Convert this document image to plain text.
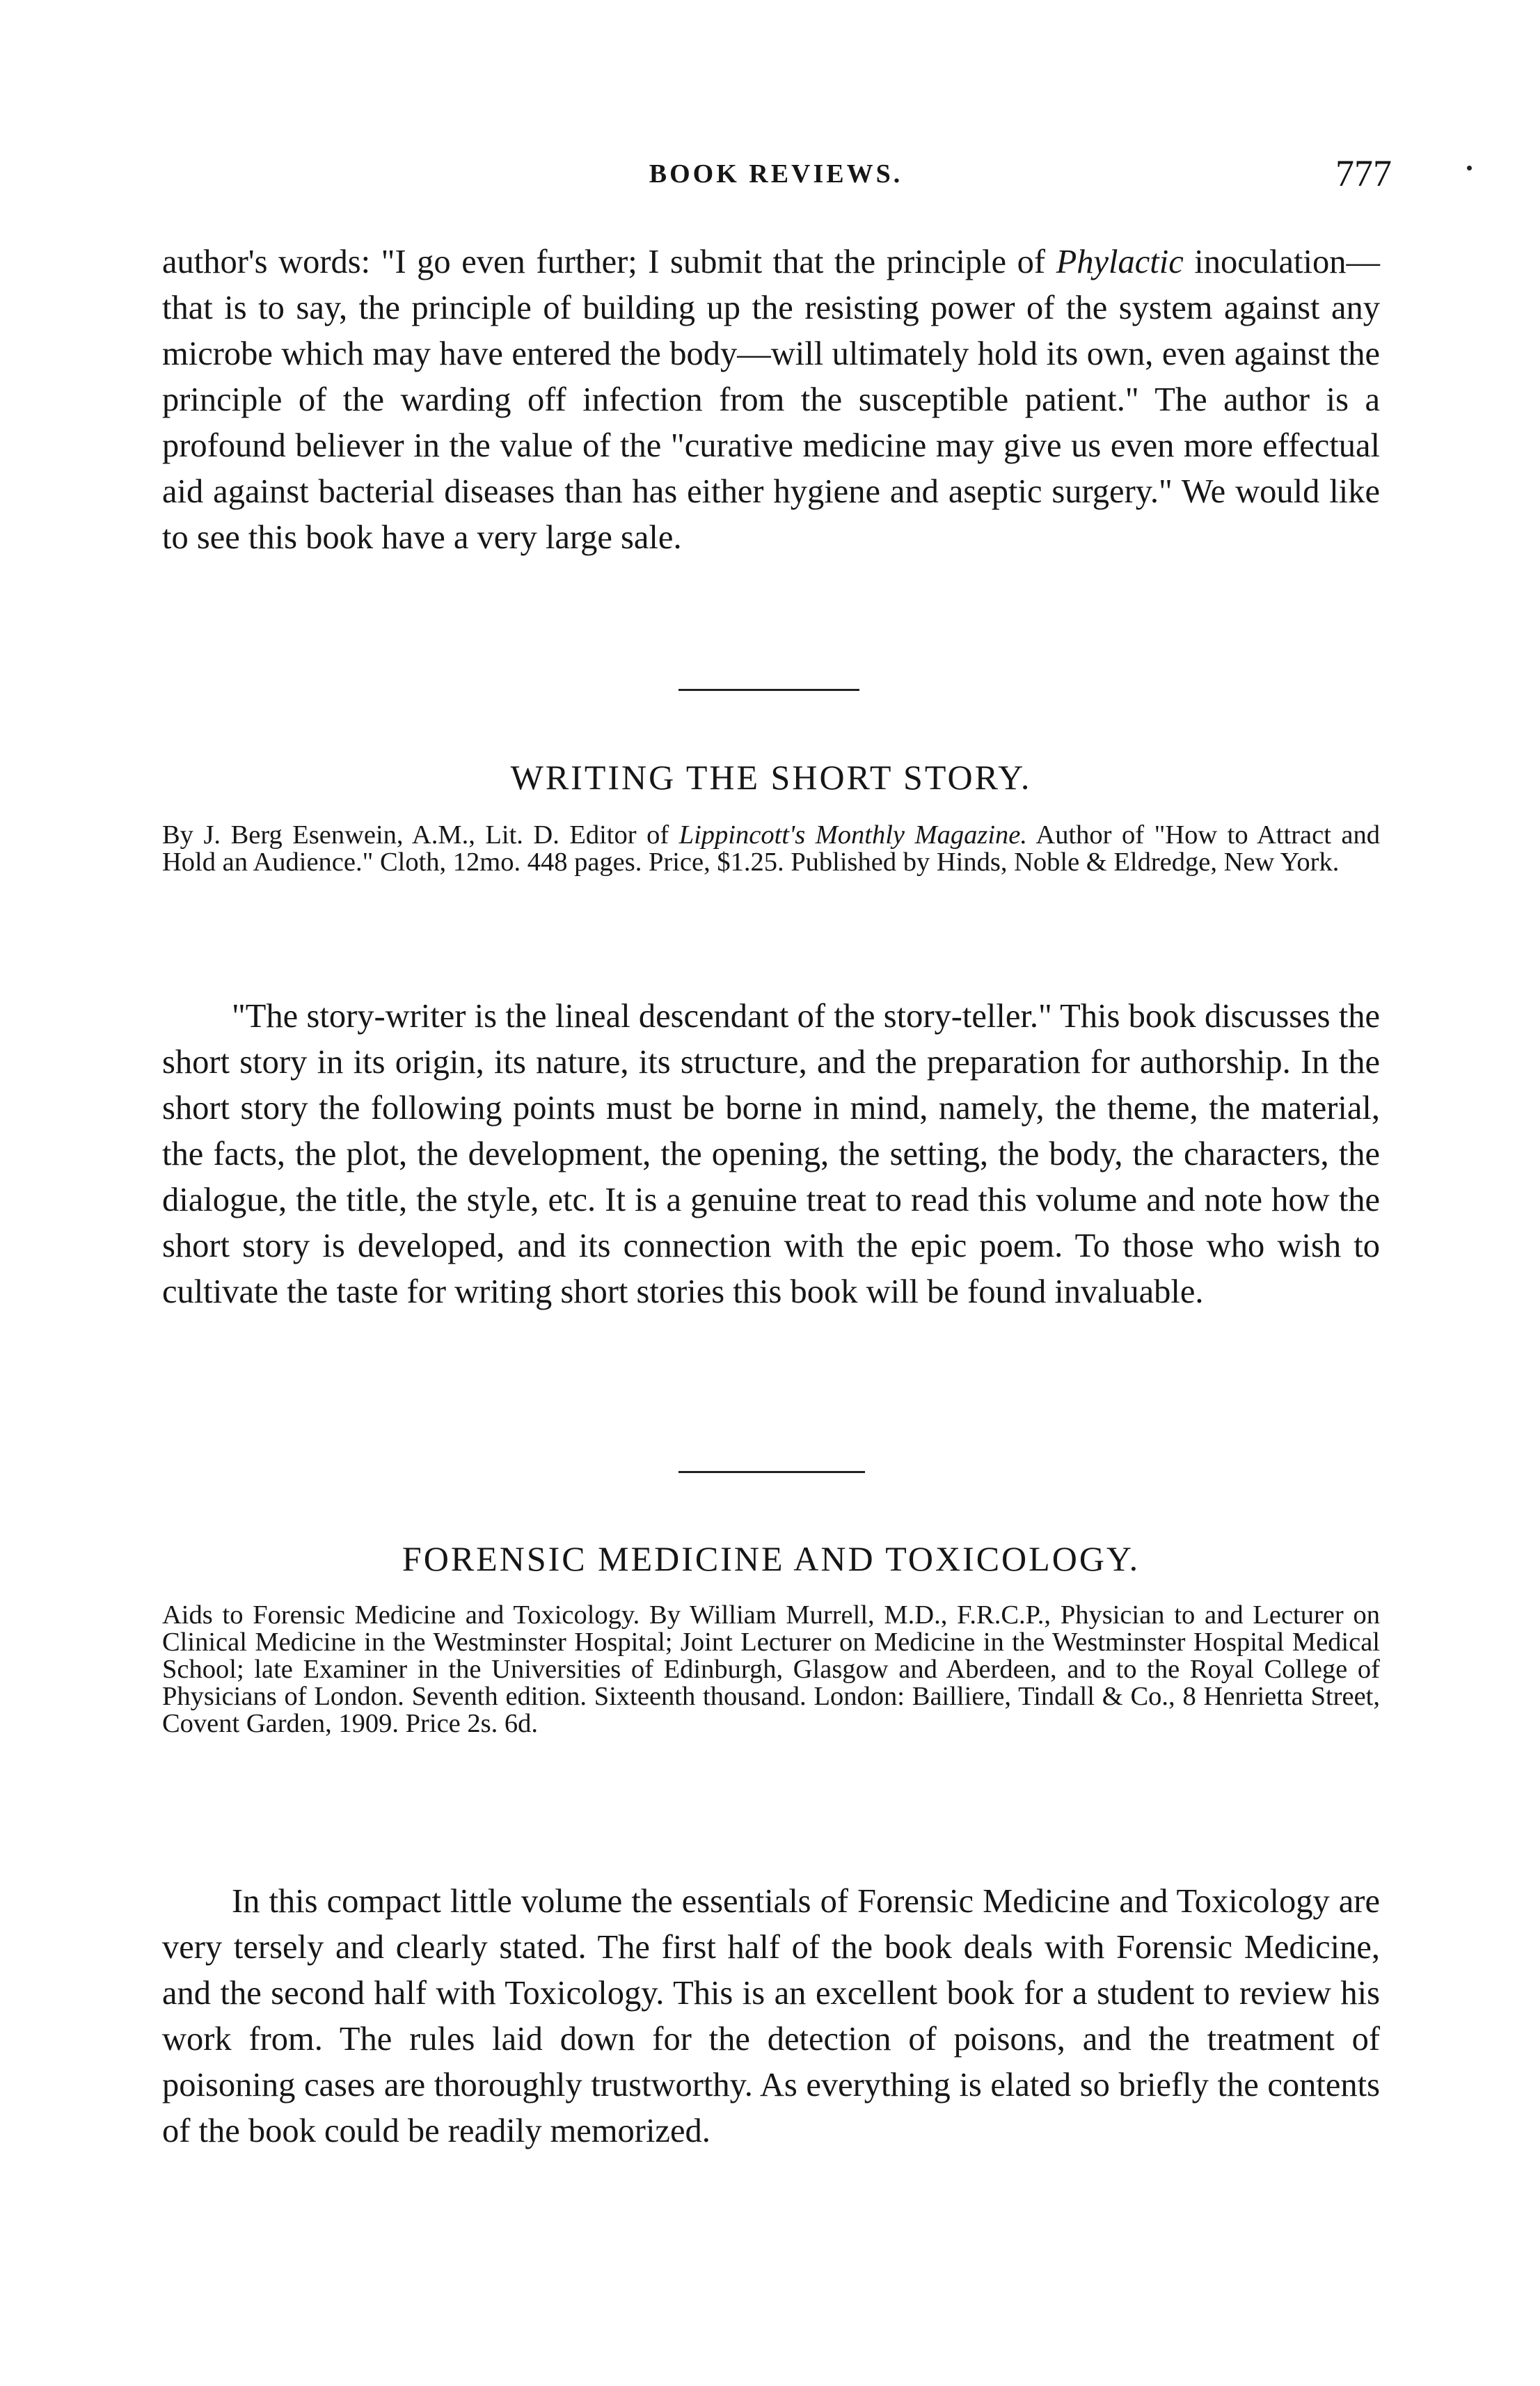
BOOK REVIEWS.	777

author's words: "I go even further; I submit that the principle of Phylactic inoculation—that is to say, the principle of building up the resisting power of the system against any microbe which may have entered the body—will ultimately hold its own, even against the principle of the warding off infection from the susceptible patient." The author is a profound believer in the value of the "curative medicine may give us even more effectual aid against bacterial diseases than has either hygiene and aseptic surgery." We would like to see this book have a very large sale.

WRITING THE SHORT STORY.
By J. Berg Esenwein, A.M., Lit. D. Editor of Lippincott's Monthly Magazine. Author of "How to Attract and Hold an Audience." Cloth, 12mo. 448 pages. Price, $1.25. Published by Hinds, Noble & Eldredge, New York.

"The story-writer is the lineal descendant of the story-teller." This book discusses the short story in its origin, its nature, its structure, and the preparation for authorship. In the short story the following points must be borne in mind, namely, the theme, the material, the facts, the plot, the development, the opening, the setting, the body, the characters, the dialogue, the title, the style, etc. It is a genuine treat to read this volume and note how the short story is developed, and its connection with the epic poem. To those who wish to cultivate the taste for writing short stories this book will be found invaluable.

FORENSIC MEDICINE AND TOXICOLOGY.
Aids to Forensic Medicine and Toxicology. By William Murrell, M.D., F.R.C.P., Physician to and Lecturer on Clinical Medicine in the Westminster Hospital; Joint Lecturer on Medicine in the Westminster Hospital Medical School; late Examiner in the Universities of Edinburgh, Glasgow and Aberdeen, and to the Royal College of Physicians of London. Seventh edition. Sixteenth thousand. London: Bailliere, Tindall & Co., 8 Henrietta Street, Covent Garden, 1909. Price 2s. 6d.

In this compact little volume the essentials of Forensic Medicine and Toxicology are very tersely and clearly stated. The first half of the book deals with Forensic Medicine, and the second half with Toxicology. This is an excellent book for a student to review his work from. The rules laid down for the detection of poisons, and the treatment of poisoning cases are thoroughly trustworthy. As everything is elated so briefly the contents of the book could be readily memorized.
